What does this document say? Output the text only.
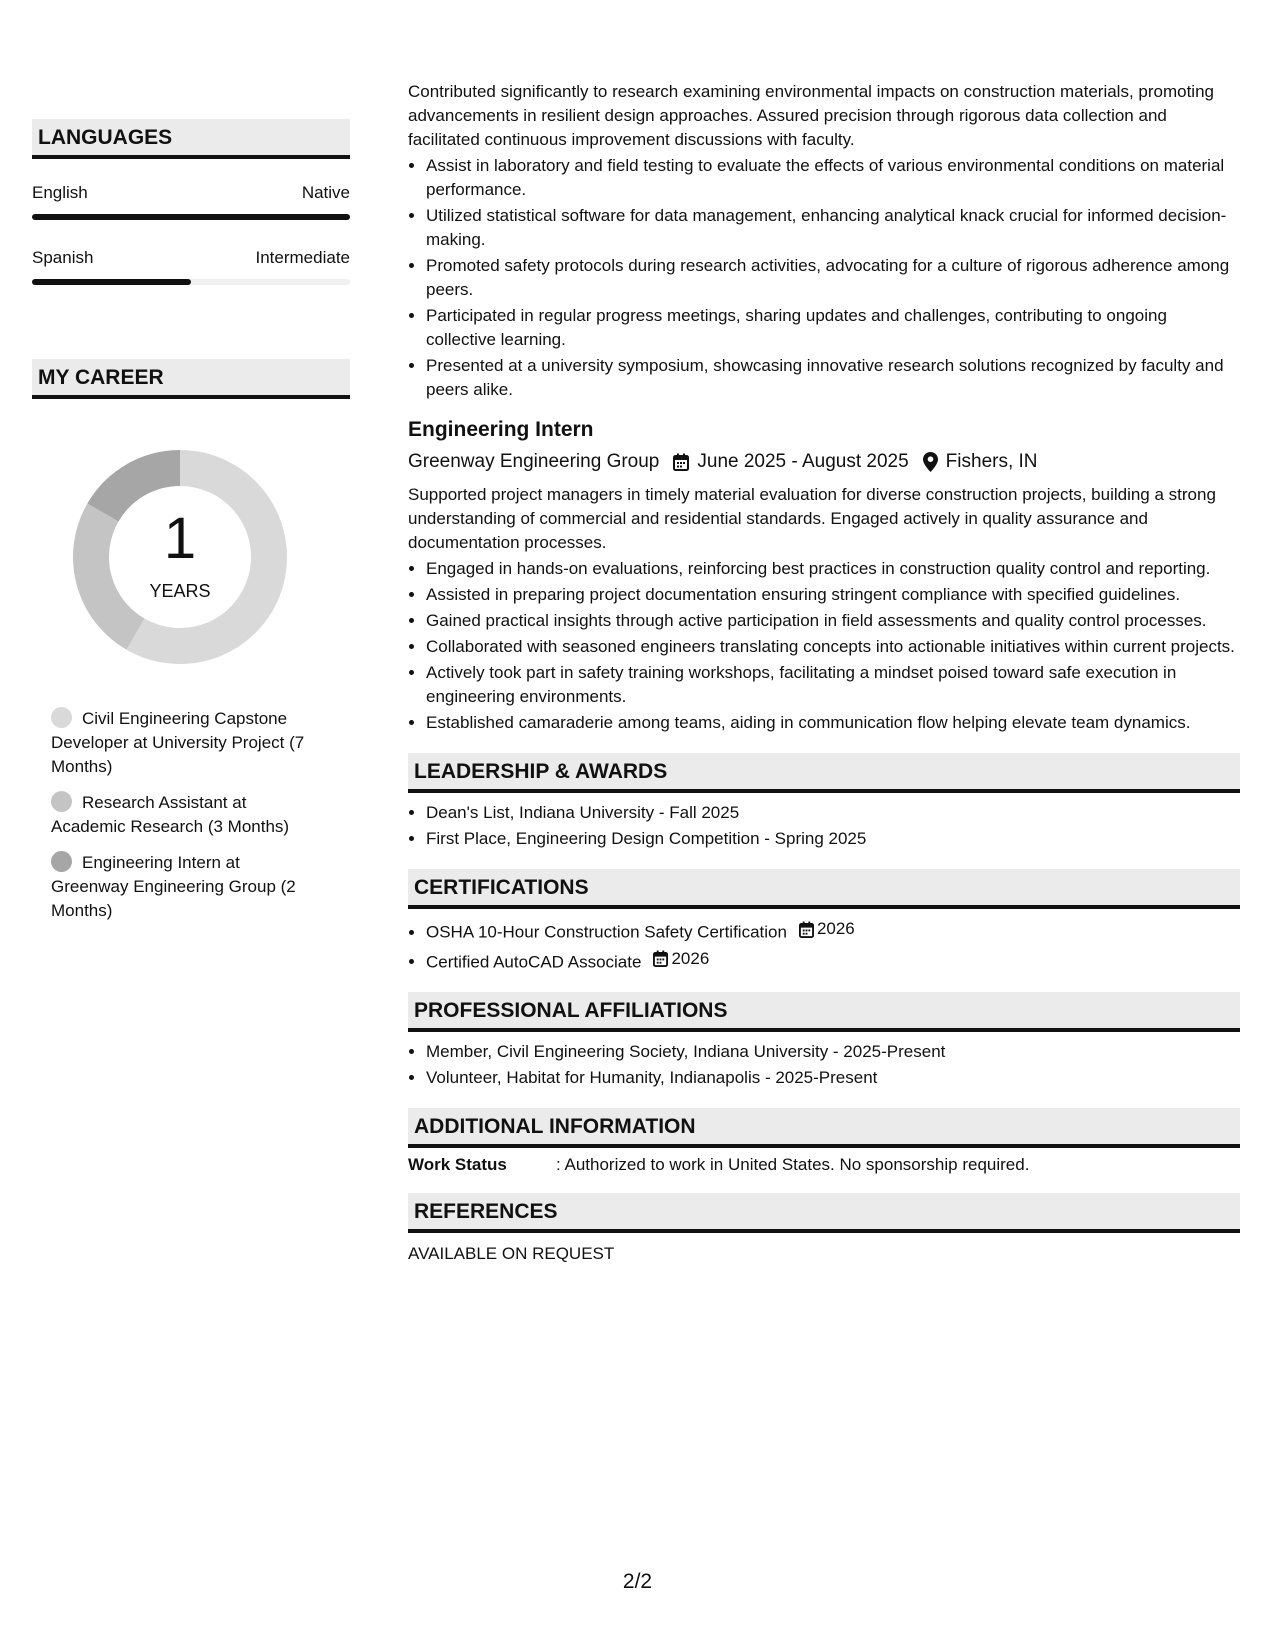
LANGUAGES
English	Native
Spanish	Intermediate
MY CAREER
1
YEARS
Civil Engineering Capstone Developer at University Project (7 Months)
Research Assistant at Academic Research (3 Months)
Engineering Intern at Greenway Engineering Group (2 Months)
Contributed significantly to research examining environmental impacts on construction materials, promoting advancements in resilient design approaches. Assured precision through rigorous data collection and facilitated continuous improvement discussions with faculty.
• Assist in laboratory and field testing to evaluate the effects of various environmental conditions on material performance.
• Utilized statistical software for data management, enhancing analytical knack crucial for informed decision-making.
• Promoted safety protocols during research activities, advocating for a culture of rigorous adherence among peers.
• Participated in regular progress meetings, sharing updates and challenges, contributing to ongoing collective learning.
• Presented at a university symposium, showcasing innovative research solutions recognized by faculty and peers alike.
Engineering Intern
Greenway Engineering Group June 2025 - August 2025 Fishers, IN
Supported project managers in timely material evaluation for diverse construction projects, building a strong understanding of commercial and residential standards. Engaged actively in quality assurance and documentation processes.
• Engaged in hands-on evaluations, reinforcing best practices in construction quality control and reporting.
• Assisted in preparing project documentation ensuring stringent compliance with specified guidelines.
• Gained practical insights through active participation in field assessments and quality control processes.
• Collaborated with seasoned engineers translating concepts into actionable initiatives within current projects.
• Actively took part in safety training workshops, facilitating a mindset poised toward safe execution in engineering environments.
• Established camaraderie among teams, aiding in communication flow helping elevate team dynamics.
LEADERSHIP & AWARDS
• Dean's List, Indiana University - Fall 2025
• First Place, Engineering Design Competition - Spring 2025
CERTIFICATIONS
• OSHA 10-Hour Construction Safety Certification 2026
• Certified AutoCAD Associate 2026
PROFESSIONAL AFFILIATIONS
• Member, Civil Engineering Society, Indiana University - 2025-Present
• Volunteer, Habitat for Humanity, Indianapolis - 2025-Present
ADDITIONAL INFORMATION
Work Status	: Authorized to work in United States. No sponsorship required.
REFERENCES
AVAILABLE ON REQUEST
2/2
